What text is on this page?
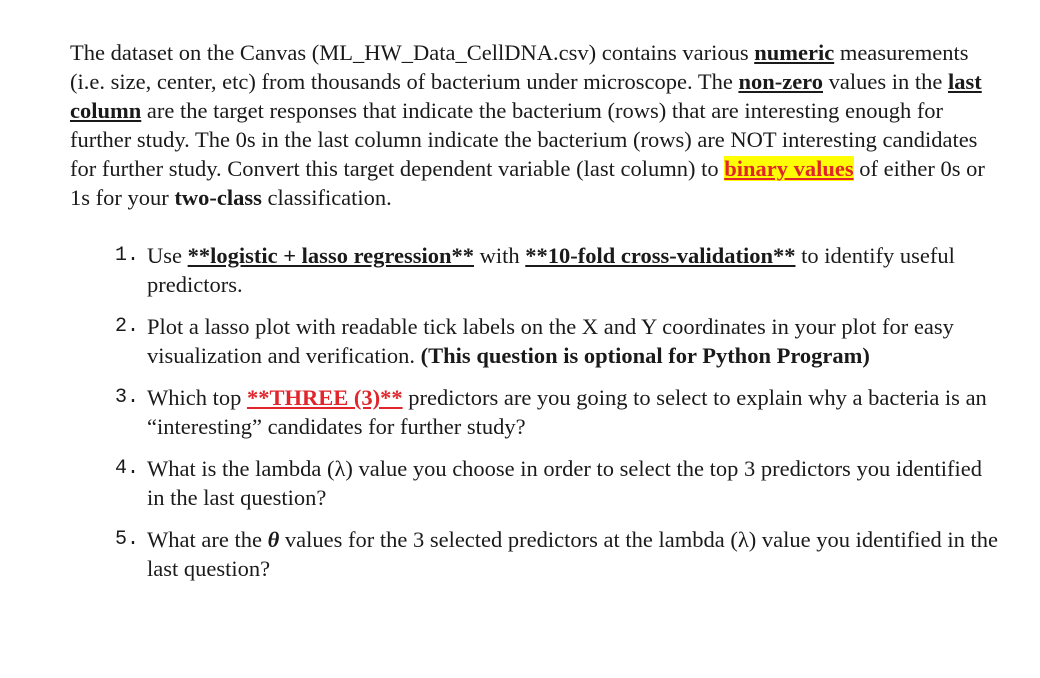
The dataset on the Canvas (ML_HW_Data_CellDNA.csv) contains various numeric measurements (i.e. size, center, etc) from thousands of bacterium under microscope. The non-zero values in the last column are the target responses that indicate the bacterium (rows) that are interesting enough for further study. The 0s in the last column indicate the bacterium (rows) are NOT interesting candidates for further study. Convert this target dependent variable (last column) to binary values of either 0s or 1s for your two-class classification.

1. Use **logistic + lasso regression** with **10-fold cross-validation** to identify useful predictors.
2. Plot a lasso plot with readable tick labels on the X and Y coordinates in your plot for easy visualization and verification. (This question is optional for Python Program)
3. Which top **THREE (3)** predictors are you going to select to explain why a bacteria is an “interesting” candidates for further study?
4. What is the lambda (λ) value you choose in order to select the top 3 predictors you identified in the last question?
5. What are the θ values for the 3 selected predictors at the lambda (λ) value you identified in the last question?
